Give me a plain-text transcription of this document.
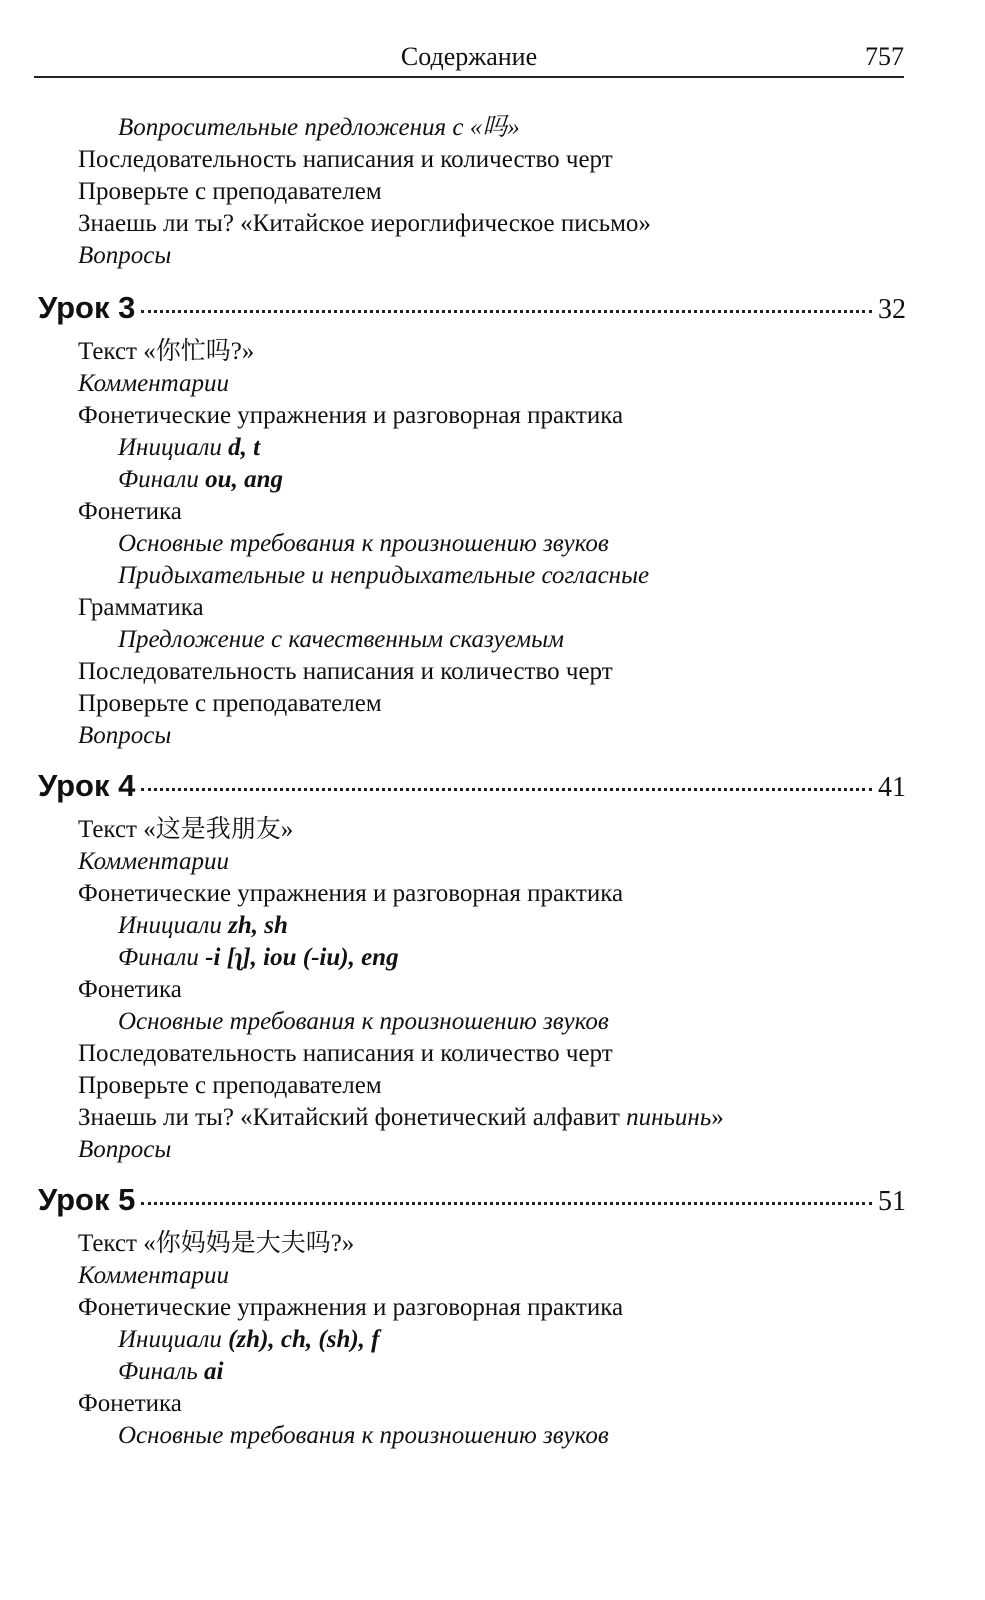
Содержание	757
Вопросительные предложения с «吗»
Последовательность написания и количество черт
Проверьте с преподавателем
Знаешь ли ты? «Китайское иероглифическое письмо»
Вопросы
Урок 3	32
Текст «你忙吗?»
Комментарии
Фонетические упражнения и разговорная практика
Инициали d, t
Финали ou, ang
Фонетика
Основные требования к произношению звуков
Придыхательные и непридыхательные согласные
Грамматика
Предложение с качественным сказуемым
Последовательность написания и количество черт
Проверьте с преподавателем
Вопросы
Урок 4	41
Текст «这是我朋友»
Комментарии
Фонетические упражнения и разговорная практика
Инициали zh, sh
Финали -i [ʅ], iou (-iu), eng
Фонетика
Основные требования к произношению звуков
Последовательность написания и количество черт
Проверьте с преподавателем
Знаешь ли ты? «Китайский фонетический алфавит пиньинь»
Вопросы
Урок 5	51
Текст «你妈妈是大夫吗?»
Комментарии
Фонетические упражнения и разговорная практика
Инициали (zh), ch, (sh), f
Финаль ai
Фонетика
Основные требования к произношению звуков
